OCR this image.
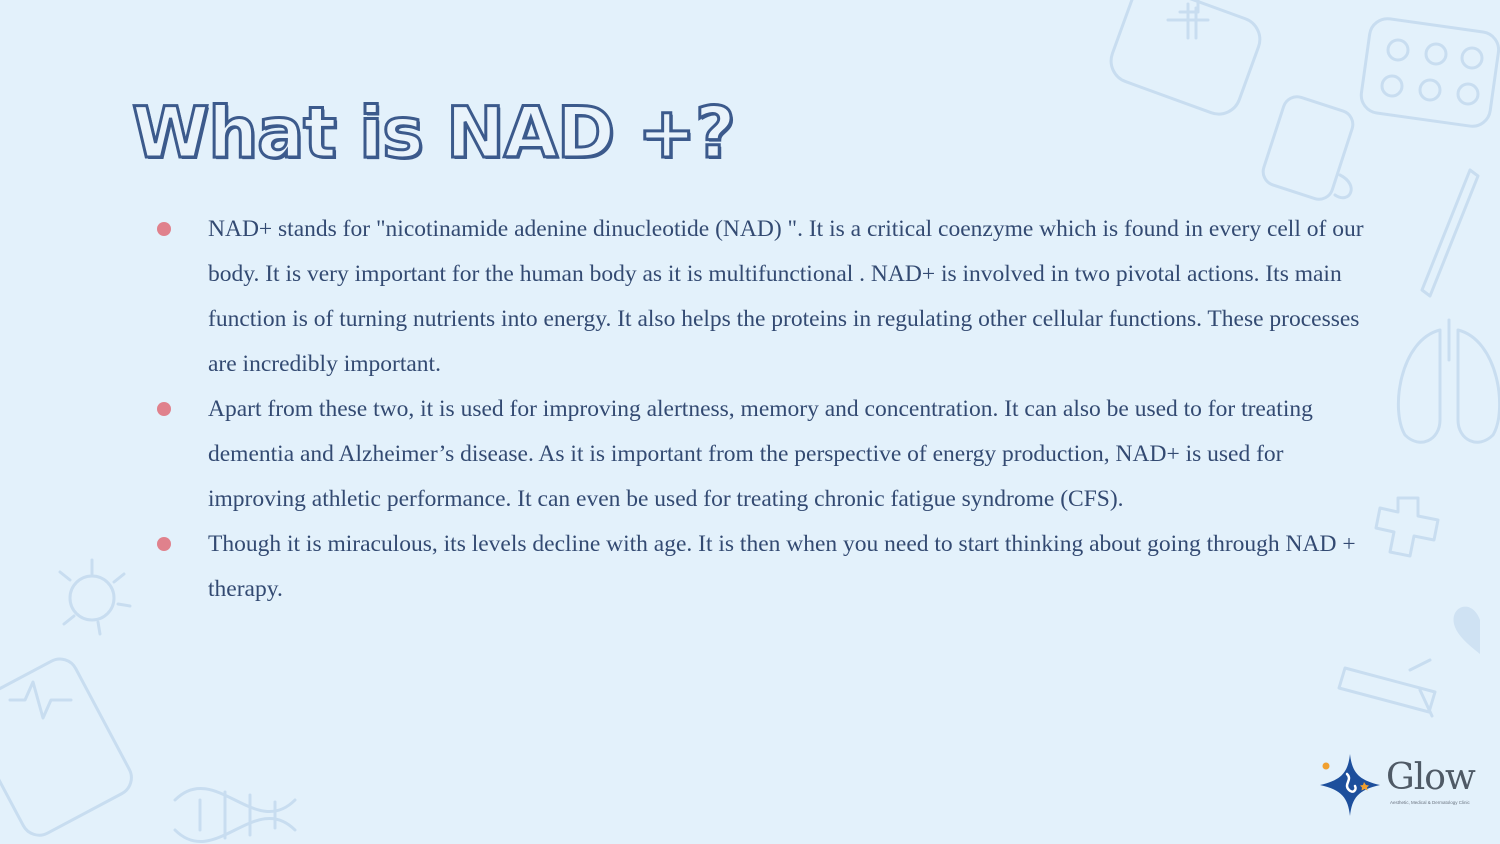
What is NAD +?
NAD+ stands for "nicotinamide adenine dinucleotide (NAD) ". It is a critical coenzyme which is found in every cell of our body. It is very important for the human body as it is multifunctional . NAD+ is involved in two pivotal actions. Its main function is of turning nutrients into energy. It also helps the proteins in regulating other cellular functions. These processes are incredibly important.
Apart from these two, it is used for improving alertness, memory and concentration. It can also be used to for treating dementia and Alzheimer’s disease. As it is important from the perspective of energy production, NAD+ is used for improving athletic performance. It can even be used for treating chronic fatigue syndrome (CFS).
Though it is miraculous, its levels decline with age. It is then when you need to start thinking about going through NAD + therapy.
Glow
Aesthetic, Medical & Dermatology Clinic
